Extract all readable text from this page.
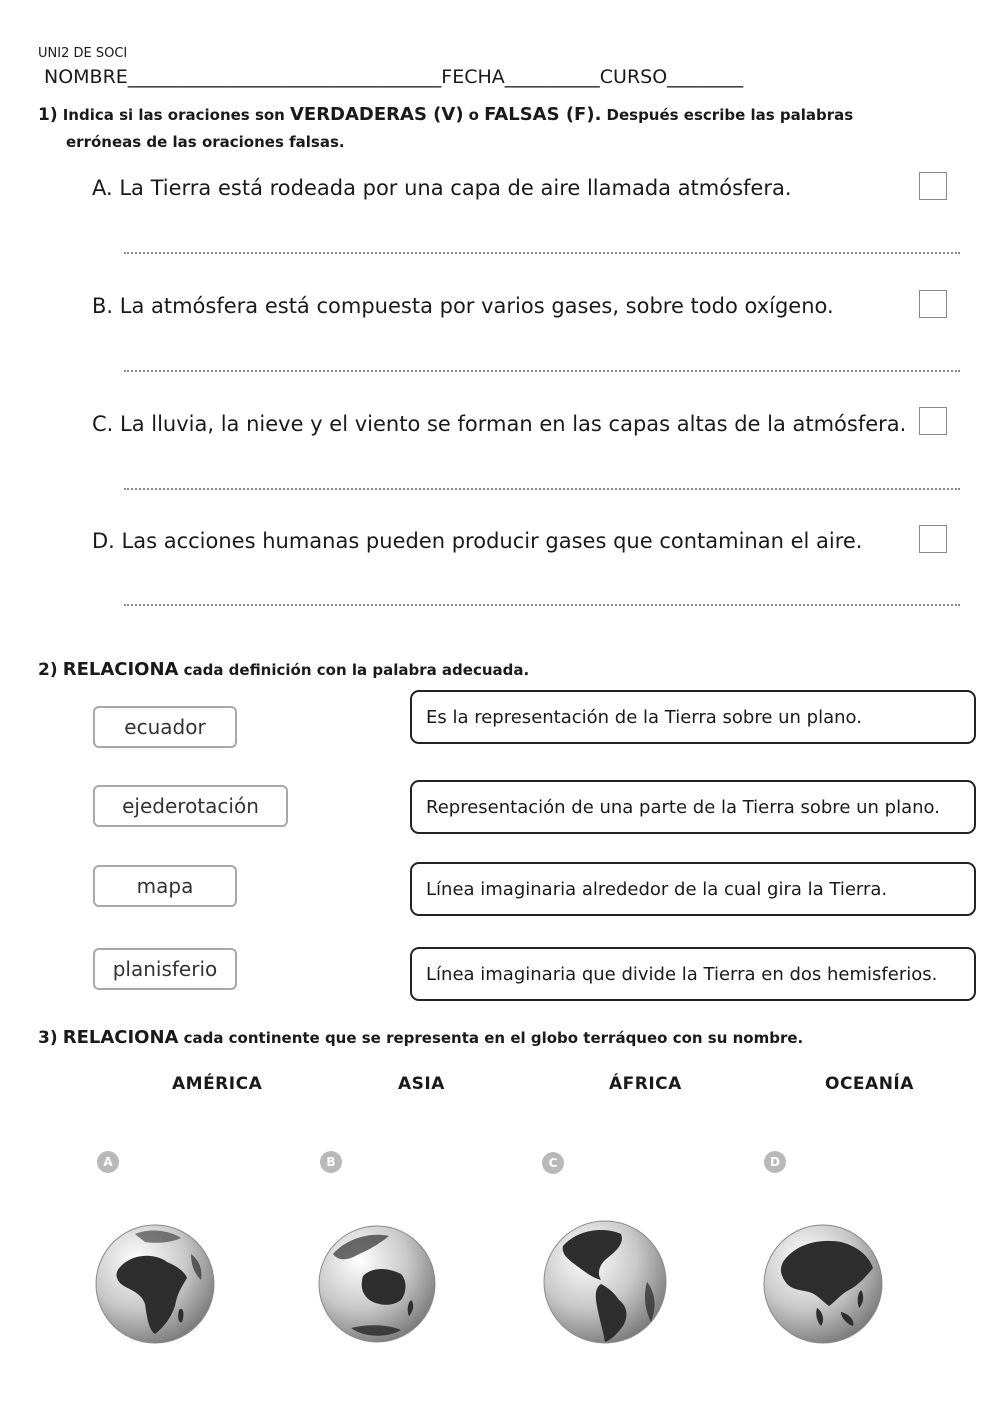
UNI2 DE SOCI
NOMBRE_________________________________FECHA__________CURSO________
1) Indica si las oraciones son VERDADERAS (V) o FALSAS (F). Después escribe las palabras
erróneas de las oraciones falsas.
A. La Tierra está rodeada por una capa de aire llamada atmósfera.
B. La atmósfera está compuesta por varios gases, sobre todo oxígeno.
C. La lluvia, la nieve y el viento se forman en las capas altas de la atmósfera.
D. Las acciones humanas pueden producir gases que contaminan el aire.
2) RELACIONA cada definición con la palabra adecuada.
ecuador
ejederotación
mapa
planisferio
Es la representación de la Tierra sobre un plano.
Representación de una parte de la Tierra sobre un plano.
Línea imaginaria alrededor de la cual gira la Tierra.
Línea imaginaria que divide la Tierra en dos hemisferios.
3) RELACIONA cada continente que se representa en el globo terráqueo con su nombre.
AMÉRICA	ASIA	ÁFRICA	OCEANÍA
A	B	C	D
